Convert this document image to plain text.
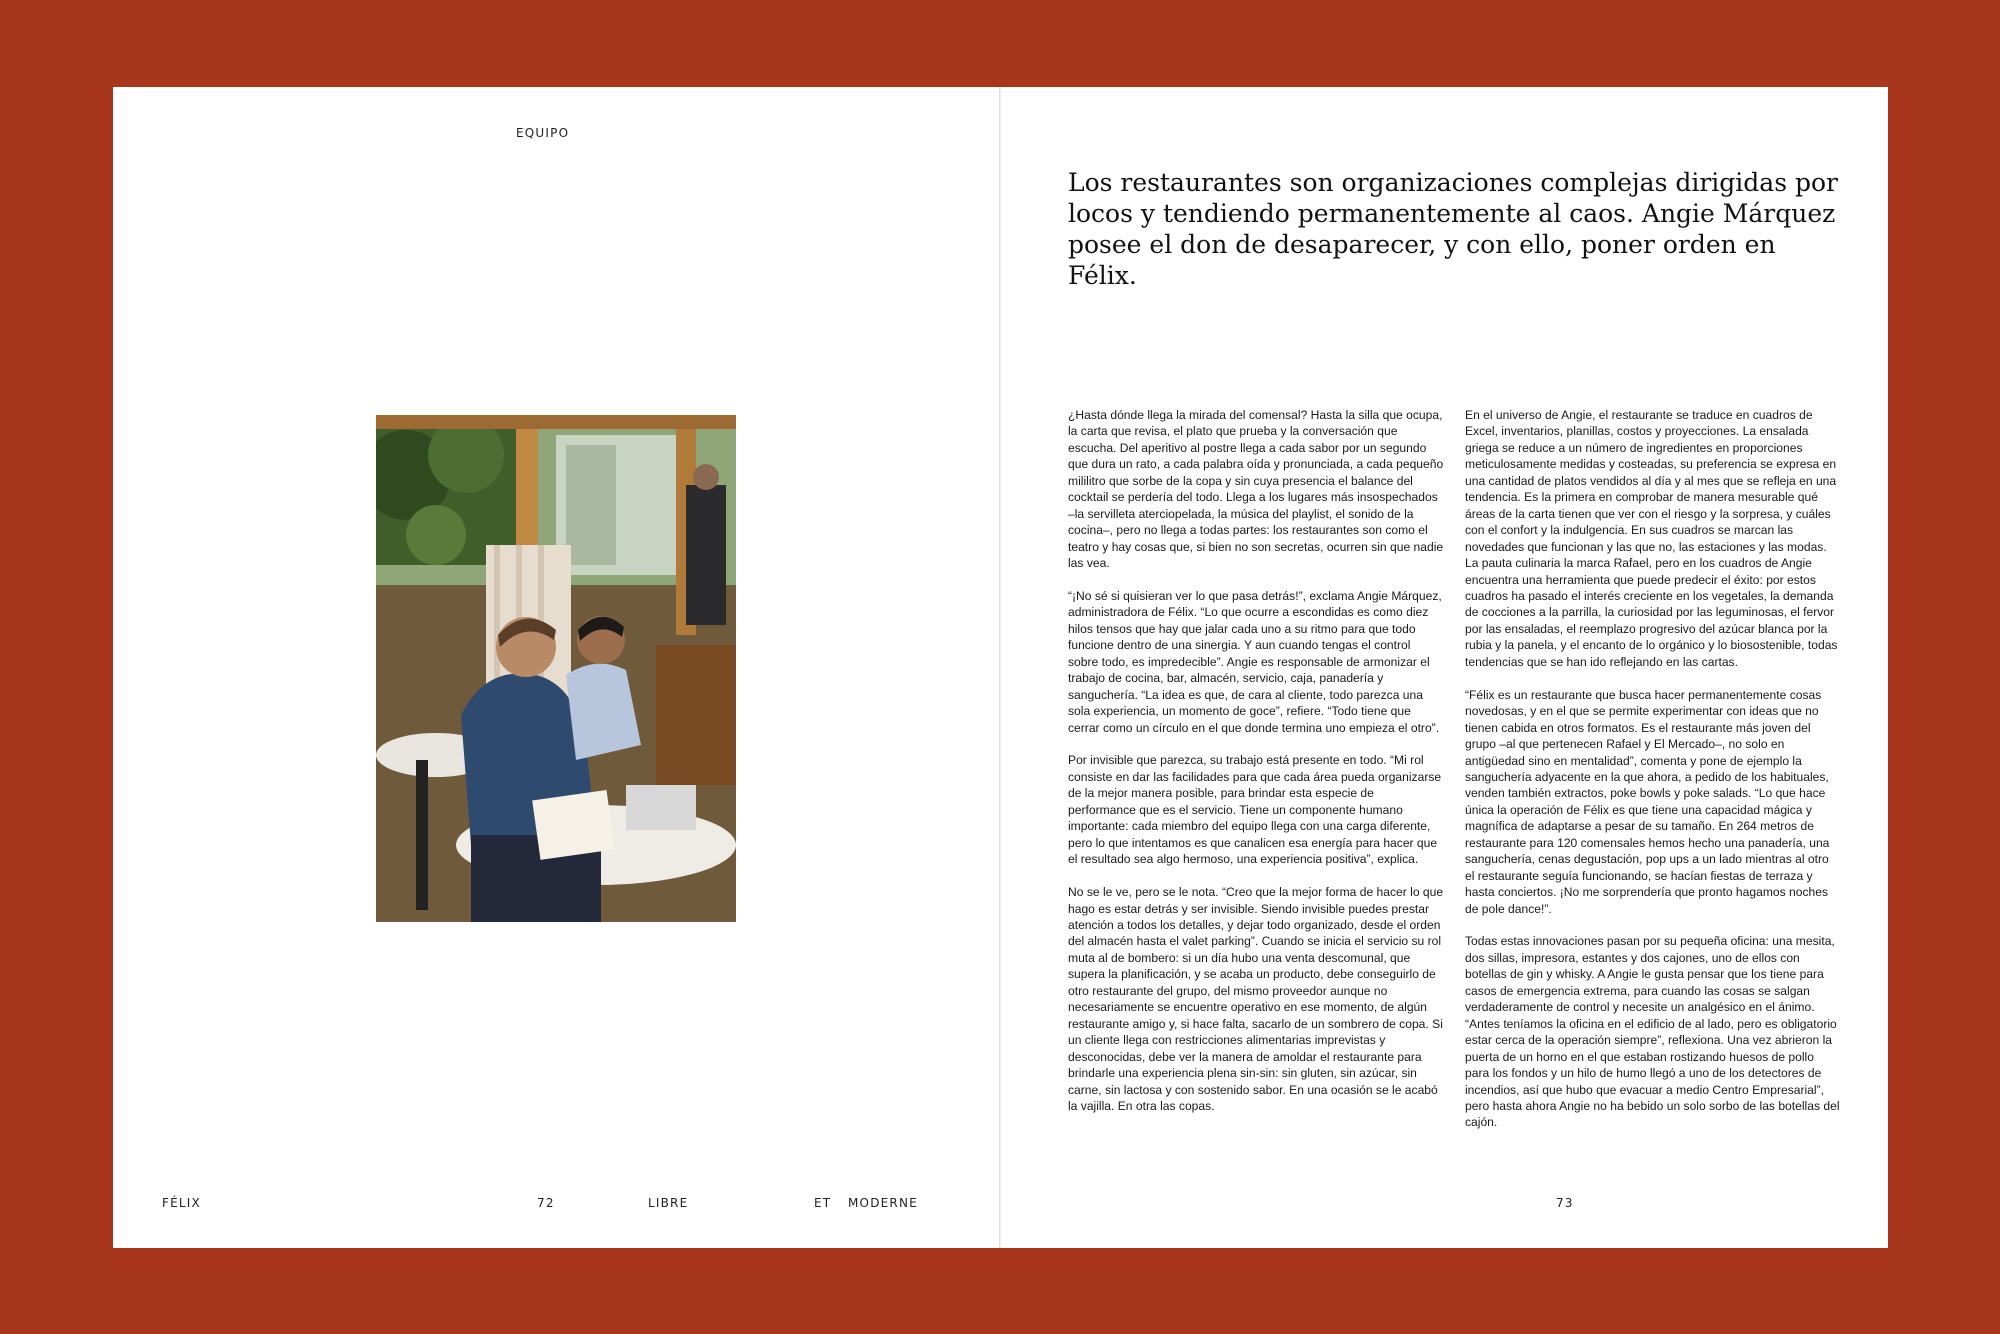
EQUIPO
FÉLIX	72	LIBRE	ET MODERNE
Los restaurantes son organizaciones complejas dirigidas por locos y tendiendo permanentemente al caos. Angie Márquez posee el don de desaparecer, y con ello, poner orden en Félix.

¿Hasta dónde llega la mirada del comensal? Hasta la silla que ocupa, la carta que revisa, el plato que prueba y la conversación que escucha. Del aperitivo al postre llega a cada sabor por un segundo que dura un rato, a cada palabra oída y pronunciada, a cada pequeño mililitro que sorbe de la copa y sin cuya presencia el balance del cocktail se perdería del todo. Llega a los lugares más insospechados –la servilleta aterciopelada, la música del playlist, el sonido de la cocina–, pero no llega a todas partes: los restaurantes son como el teatro y hay cosas que, si bien no son secretas, ocurren sin que nadie las vea.

“¡No sé si quisieran ver lo que pasa detrás!”, exclama Angie Márquez, administradora de Félix. “Lo que ocurre a escondidas es como diez hilos tensos que hay que jalar cada uno a su ritmo para que todo funcione dentro de una sinergia. Y aun cuando tengas el control sobre todo, es impredecible”. Angie es responsable de armonizar el trabajo de cocina, bar, almacén, servicio, caja, panadería y sanguchería. “La idea es que, de cara al cliente, todo parezca una sola experiencia, un momento de goce”, refiere. “Todo tiene que cerrar como un círculo en el que donde termina uno empieza el otro”.

Por invisible que parezca, su trabajo está presente en todo. “Mi rol consiste en dar las facilidades para que cada área pueda organizarse de la mejor manera posible, para brindar esta especie de performance que es el servicio. Tiene un componente humano importante: cada miembro del equipo llega con una carga diferente, pero lo que intentamos es que canalicen esa energía para hacer que el resultado sea algo hermoso, una experiencia positiva”, explica.

No se le ve, pero se le nota. “Creo que la mejor forma de hacer lo que hago es estar detrás y ser invisible. Siendo invisible puedes prestar atención a todos los detalles, y dejar todo organizado, desde el orden del almacén hasta el valet parking”. Cuando se inicia el servicio su rol muta al de bombero: si un día hubo una venta descomunal, que supera la planificación, y se acaba un producto, debe conseguirlo de otro restaurante del grupo, del mismo proveedor aunque no necesariamente se encuentre operativo en ese momento, de algún restaurante amigo y, si hace falta, sacarlo de un sombrero de copa. Si un cliente llega con restricciones alimentarias imprevistas y desconocidas, debe ver la manera de amoldar el restaurante para brindarle una experiencia plena sin-sin: sin gluten, sin azúcar, sin carne, sin lactosa y con sostenido sabor. En una ocasión se le acabó la vajilla. En otra las copas.

En el universo de Angie, el restaurante se traduce en cuadros de Excel, inventarios, planillas, costos y proyecciones. La ensalada griega se reduce a un número de ingredientes en proporciones meticulosamente medidas y costeadas, su preferencia se expresa en una cantidad de platos vendidos al día y al mes que se refleja en una tendencia. Es la primera en comprobar de manera mesurable qué áreas de la carta tienen que ver con el riesgo y la sorpresa, y cuáles con el confort y la indulgencia. En sus cuadros se marcan las novedades que funcionan y las que no, las estaciones y las modas. La pauta culinaria la marca Rafael, pero en los cuadros de Angie encuentra una herramienta que puede predecir el éxito: por estos cuadros ha pasado el interés creciente en los vegetales, la demanda de cocciones a la parrilla, la curiosidad por las leguminosas, el fervor por las ensaladas, el reemplazo progresivo del azúcar blanca por la rubia y la panela, y el encanto de lo orgánico y lo biosostenible, todas tendencias que se han ido reflejando en las cartas.

“Félix es un restaurante que busca hacer permanentemente cosas novedosas, y en el que se permite experimentar con ideas que no tienen cabida en otros formatos. Es el restaurante más joven del grupo –al que pertenecen Rafael y El Mercado–, no solo en antigüedad sino en mentalidad”, comenta y pone de ejemplo la sanguchería adyacente en la que ahora, a pedido de los habituales, venden también extractos, poke bowls y poke salads. “Lo que hace única la operación de Félix es que tiene una capacidad mágica y magnífica de adaptarse a pesar de su tamaño. En 264 metros de restaurante para 120 comensales hemos hecho una panadería, una sanguchería, cenas degustación, pop ups a un lado mientras al otro el restaurante seguía funcionando, se hacían fiestas de terraza y hasta conciertos. ¡No me sorprendería que pronto hagamos noches de pole dance!”.

Todas estas innovaciones pasan por su pequeña oficina: una mesita, dos sillas, impresora, estantes y dos cajones, uno de ellos con botellas de gin y whisky. A Angie le gusta pensar que los tiene para casos de emergencia extrema, para cuando las cosas se salgan verdaderamente de control y necesite un analgésico en el ánimo. “Antes teníamos la oficina en el edificio de al lado, pero es obligatorio estar cerca de la operación siempre”, reflexiona. Una vez abrieron la puerta de un horno en el que estaban rostizando huesos de pollo para los fondos y un hilo de humo llegó a uno de los detectores de incendios, así que hubo que evacuar a medio Centro Empresarial”, pero hasta ahora Angie no ha bebido un solo sorbo de las botellas del cajón.

73
